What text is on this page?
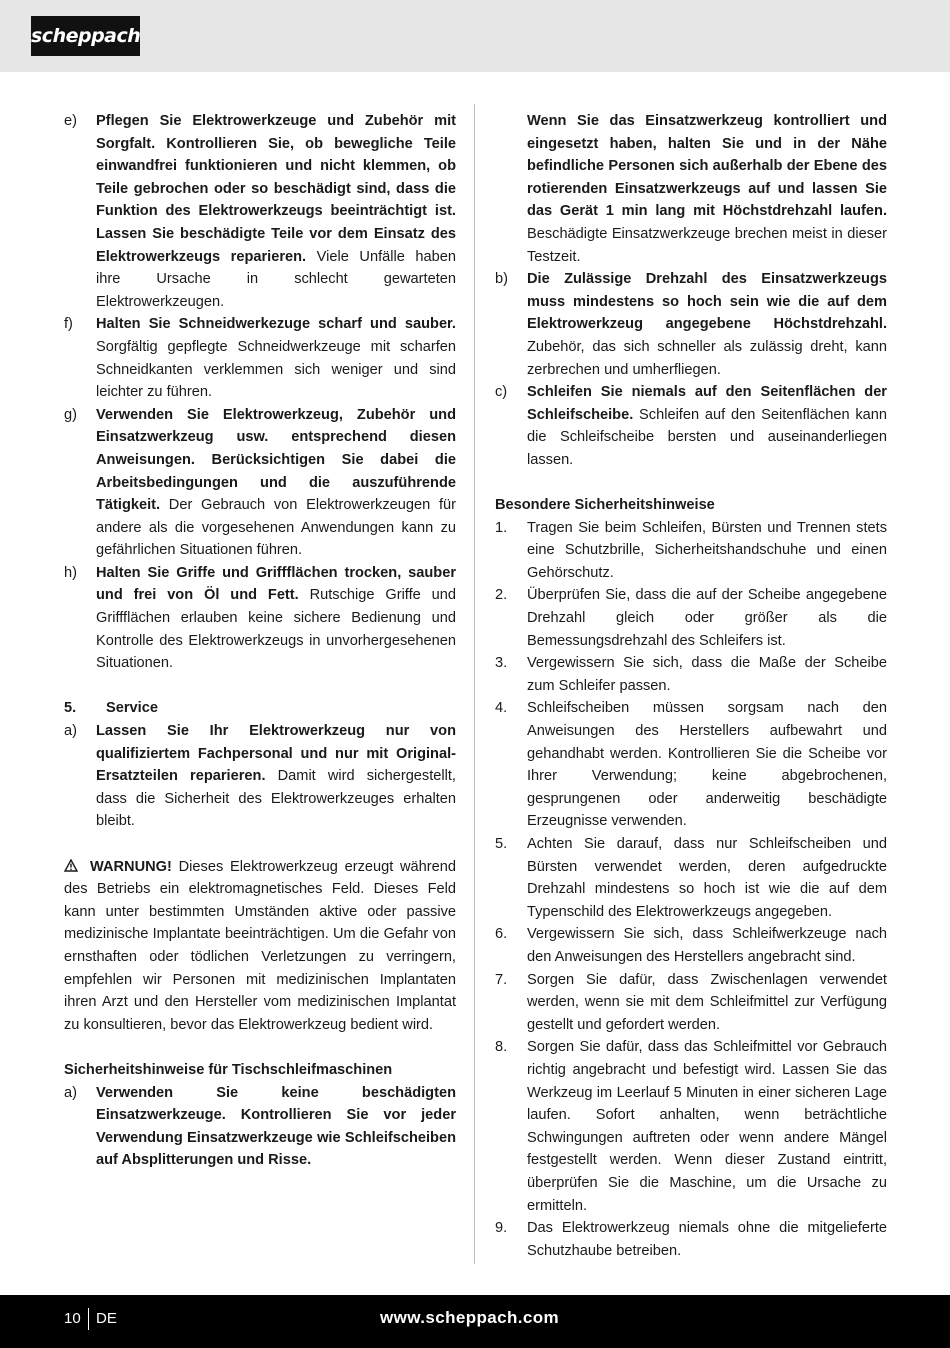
scheppach
e)	Pflegen Sie Elektrowerkzeuge und Zubehör mit Sorgfalt. Kontrollieren Sie, ob bewegliche Teile einwandfrei funktionieren und nicht klemmen, ob Teile gebrochen oder so beschädigt sind, dass die Funktion des Elektrowerkzeugs beeinträchtigt ist. Lassen Sie beschädigte Teile vor dem Einsatz des Elektrowerkzeugs reparieren. Viele Unfälle haben ihre Ursache in schlecht gewarteten Elektrowerkzeugen.
f)	Halten Sie Schneidwerkezuge scharf und sauber. Sorgfältig gepflegte Schneidwerkzeuge mit scharfen Schneidkanten verklemmen sich weniger und sind leichter zu führen.
g)	Verwenden Sie Elektrowerkzeug, Zubehör und Einsatzwerkzeug usw. entsprechend diesen Anweisungen. Berücksichtigen Sie dabei die Arbeitsbedingungen und die auszuführende Tätigkeit. Der Gebrauch von Elektrowerkzeugen für andere als die vorgesehenen Anwendungen kann zu gefährlichen Situationen führen.
h)	Halten Sie Griffe und Griffflächen trocken, sauber und frei von Öl und Fett. Rutschige Griffe und Griffflächen erlauben keine sichere Bedienung und Kontrolle des Elektrowerkzeugs in unvorhergesehenen Situationen.
5. Service
a)	Lassen Sie Ihr Elektrowerkzeug nur von qualifiziertem Fachpersonal und nur mit Original-Ersatzteilen reparieren. Damit wird sichergestellt, dass die Sicherheit des Elektrowerkzeuges erhalten bleibt.
WARNUNG! Dieses Elektrowerkzeug erzeugt während des Betriebs ein elektromagnetisches Feld. Dieses Feld kann unter bestimmten Umständen aktive oder passive medizinische Implantate beeinträchtigen. Um die Gefahr von ernsthaften oder tödlichen Verletzungen zu verringern, empfehlen wir Personen mit medizinischen Implantaten ihren Arzt und den Hersteller vom medizinischen Implantat zu konsultieren, bevor das Elektrowerkzeug bedient wird.
Sicherheitshinweise für Tischschleifmaschinen
a)	Verwenden Sie keine beschädigten Einsatzwerkzeuge. Kontrollieren Sie vor jeder Verwendung Einsatzwerkzeuge wie Schleifscheiben auf Absplitterungen und Risse.
Wenn Sie das Einsatzwerkzeug kontrolliert und eingesetzt haben, halten Sie und in der Nähe befindliche Personen sich außerhalb der Ebene des rotierenden Einsatzwerkzeugs auf und lassen Sie das Gerät 1 min lang mit Höchstdrehzahl laufen. Beschädigte Einsatzwerkzeuge brechen meist in dieser Testzeit.
b)	Die Zulässige Drehzahl des Einsatzwerkzeugs muss mindestens so hoch sein wie die auf dem Elektrowerkzeug angegebene Höchstdrehzahl. Zubehör, das sich schneller als zulässig dreht, kann zerbrechen und umherfliegen.
c)	Schleifen Sie niemals auf den Seitenflächen der Schleifscheibe. Schleifen auf den Seitenflächen kann die Schleifscheibe bersten und auseinanderliegen lassen.
Besondere Sicherheitshinweise
1.	Tragen Sie beim Schleifen, Bürsten und Trennen stets eine Schutzbrille, Sicherheitshandschuhe und einen Gehörschutz.
2.	Überprüfen Sie, dass die auf der Scheibe angegebene Drehzahl gleich oder größer als die Bemessungsdrehzahl des Schleifers ist.
3.	Vergewissern Sie sich, dass die Maße der Scheibe zum Schleifer passen.
4.	Schleifscheiben müssen sorgsam nach den Anweisungen des Herstellers aufbewahrt und gehandhabt werden. Kontrollieren Sie die Scheibe vor Ihrer Verwendung; keine abgebrochenen, gesprungenen oder anderweitig beschädigte Erzeugnisse verwenden.
5.	Achten Sie darauf, dass nur Schleifscheiben und Bürsten verwendet werden, deren aufgedruckte Drehzahl mindestens so hoch ist wie die auf dem Typenschild des Elektrowerkzeugs angegeben.
6.	Vergewissern Sie sich, dass Schleifwerkzeuge nach den Anweisungen des Herstellers angebracht sind.
7.	Sorgen Sie dafür, dass Zwischenlagen verwendet werden, wenn sie mit dem Schleifmittel zur Verfügung gestellt und gefordert werden.
8.	Sorgen Sie dafür, dass das Schleifmittel vor Gebrauch richtig angebracht und befestigt wird. Lassen Sie das Werkzeug im Leerlauf 5 Minuten in einer sicheren Lage laufen. Sofort anhalten, wenn beträchtliche Schwingungen auftreten oder wenn andere Mängel festgestellt werden. Wenn dieser Zustand eintritt, überprüfen Sie die Maschine, um die Ursache zu ermitteln.
9.	Das Elektrowerkzeug niemals ohne die mitgelieferte Schutzhaube betreiben.
10 DE	www.scheppach.com
